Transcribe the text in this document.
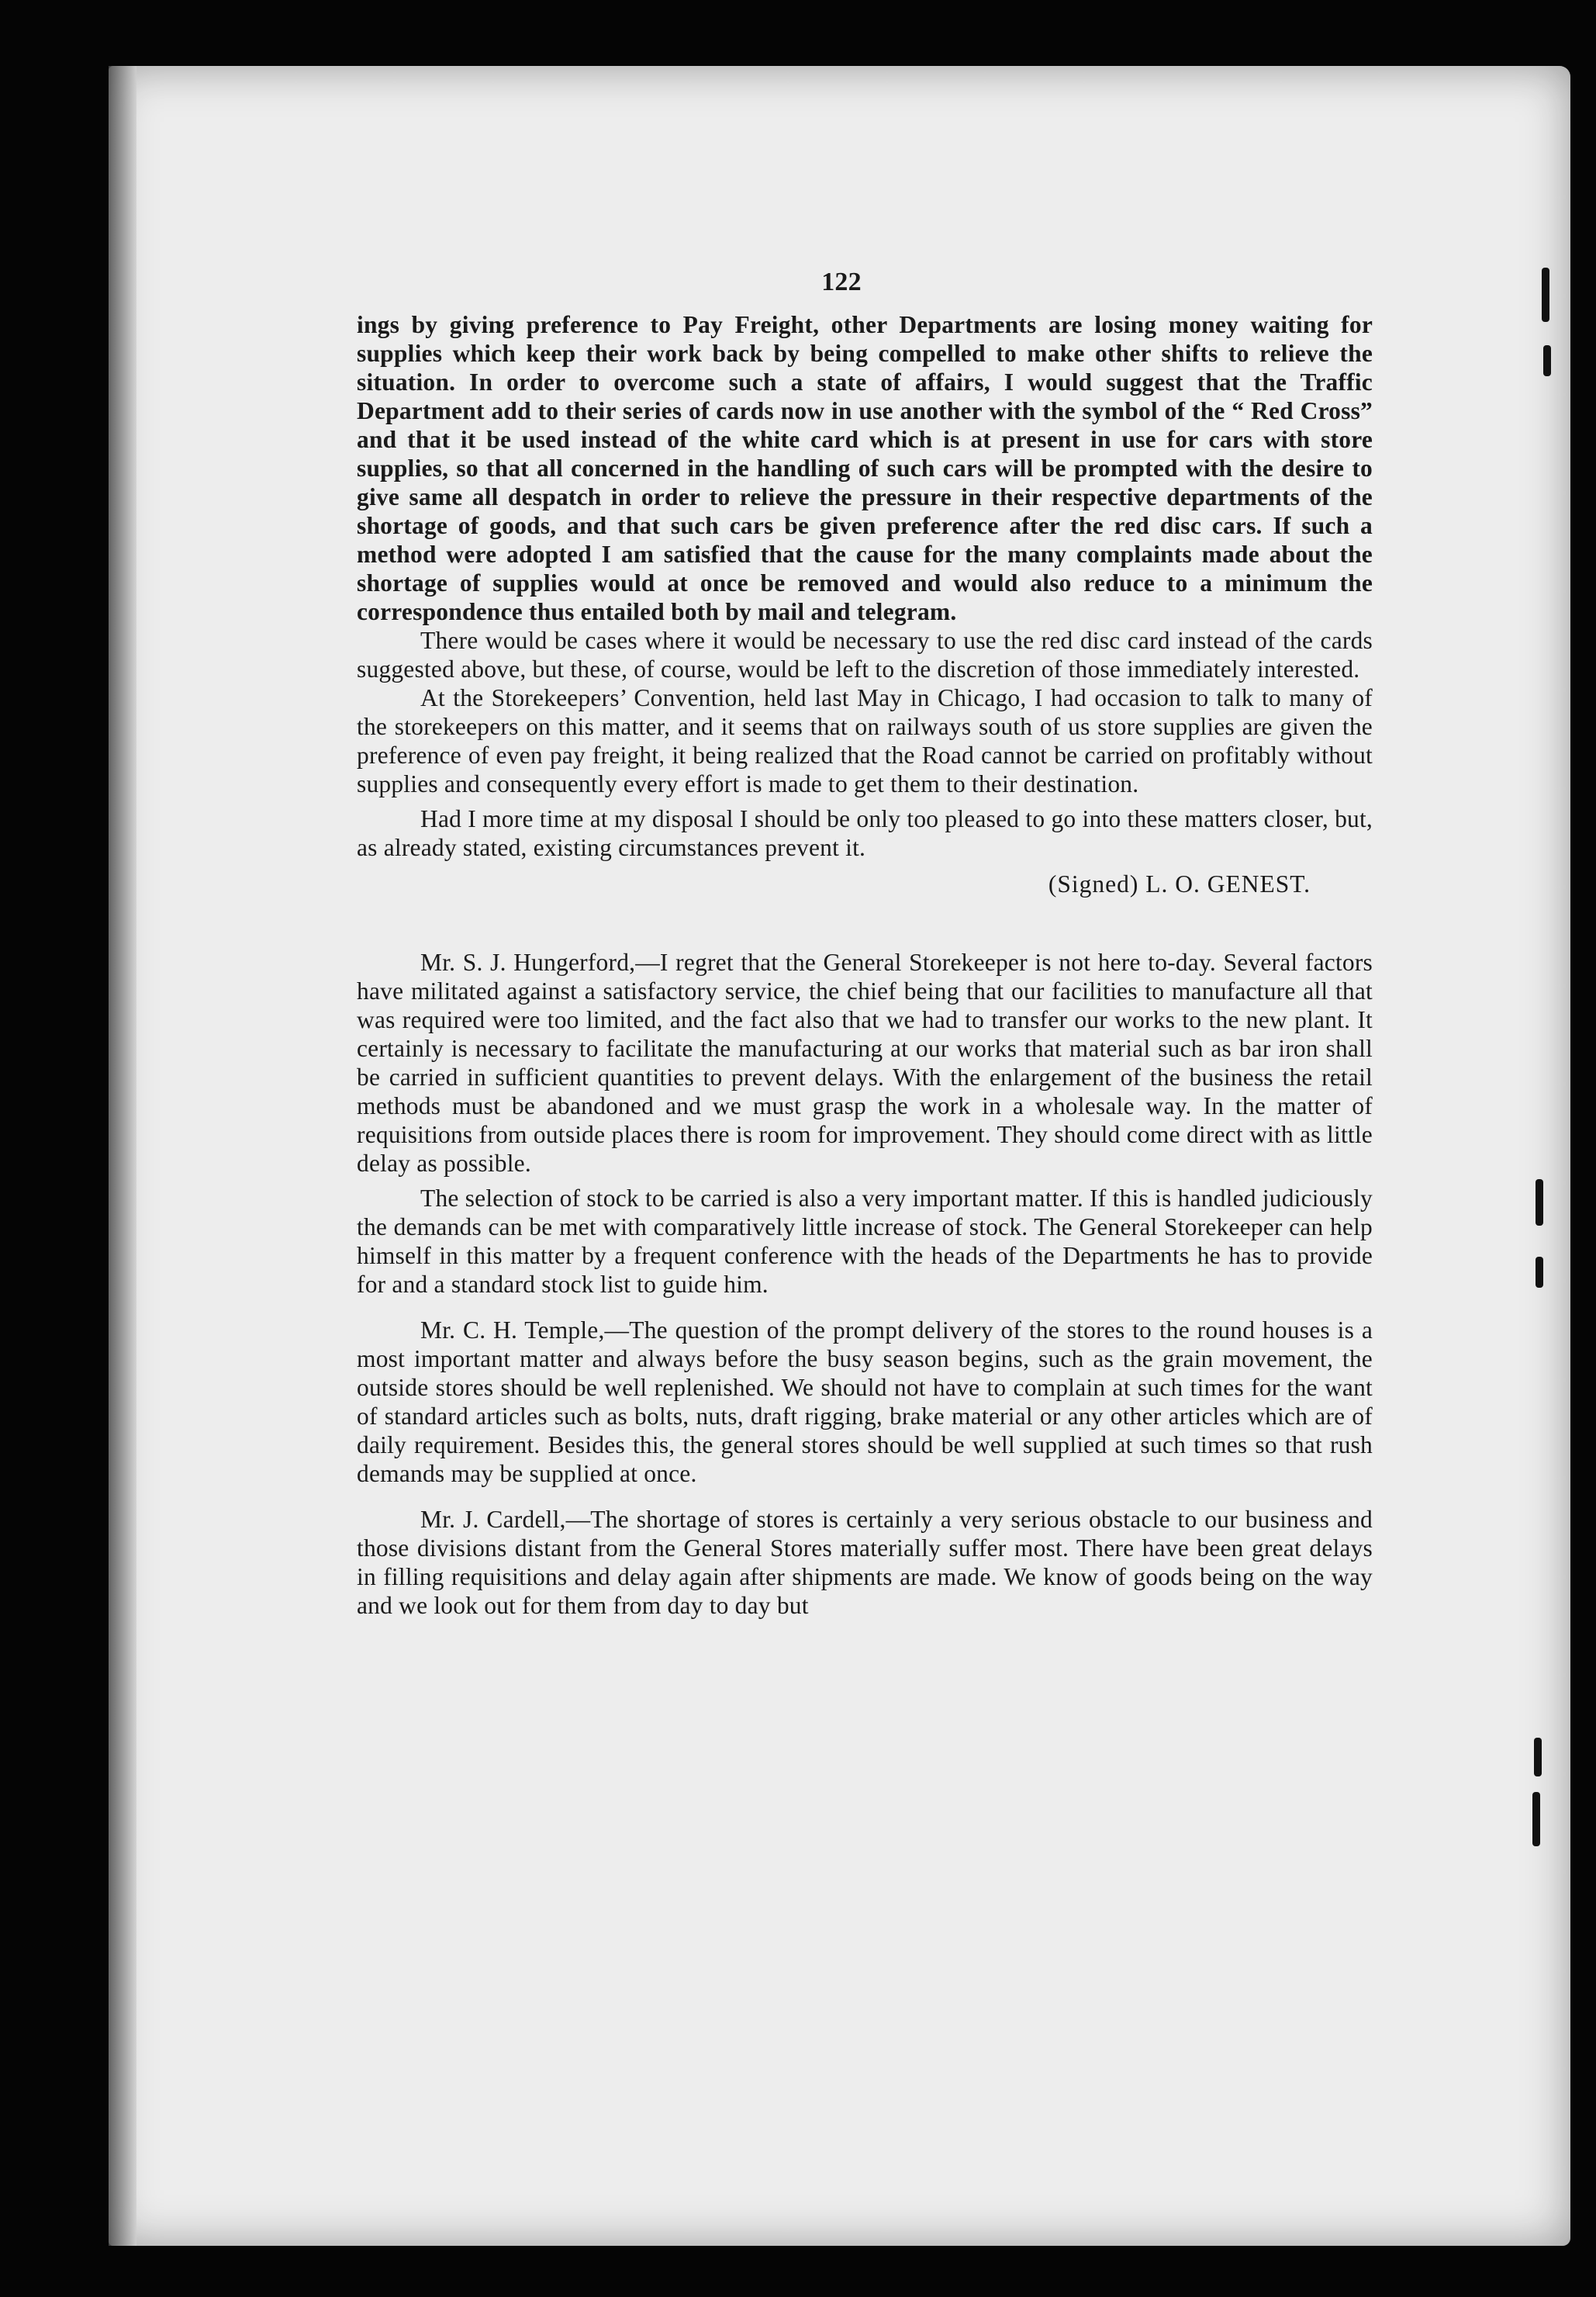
122

ings by giving preference to Pay Freight, other Departments are losing money waiting for supplies which keep their work back by being compelled to make other shifts to relieve the situation. In order to overcome such a state of affairs, I would suggest that the Traffic Department add to their series of cards now in use another with the symbol of the “ Red Cross” and that it be used instead of the white card which is at present in use for cars with store supplies, so that all concerned in the handling of such cars will be prompted with the desire to give same all despatch in order to relieve the pressure in their respective departments of the shortage of goods, and that such cars be given preference after the red disc cars. If such a method were adopted I am satisfied that the cause for the many complaints made about the shortage of supplies would at once be removed and would also reduce to a minimum the correspondence thus entailed both by mail and telegram.

There would be cases where it would be necessary to use the red disc card instead of the cards suggested above, but these, of course, would be left to the discretion of those immediately interested.

At the Storekeepers’ Convention, held last May in Chicago, I had occasion to talk to many of the storekeepers on this matter, and it seems that on railways south of us store supplies are given the preference of even pay freight, it being realized that the Road cannot be carried on profitably without supplies and consequently every effort is made to get them to their destination.

Had I more time at my disposal I should be only too pleased to go into these matters closer, but, as already stated, existing circumstances prevent it.

(Signed) L. O. GENEST.

Mr. S. J. Hungerford,—I regret that the General Storekeeper is not here to-day. Several factors have militated against a satisfactory service, the chief being that our facilities to manufacture all that was required were too limited, and the fact also that we had to transfer our works to the new plant. It certainly is necessary to facilitate the manufacturing at our works that material such as bar iron shall be carried in sufficient quantities to prevent delays. With the enlargement of the business the retail methods must be abandoned and we must grasp the work in a wholesale way. In the matter of requisitions from outside places there is room for improvement. They should come direct with as little delay as possible.

The selection of stock to be carried is also a very important matter. If this is handled judiciously the demands can be met with comparatively little increase of stock. The General Storekeeper can help himself in this matter by a frequent conference with the heads of the Departments he has to provide for and a standard stock list to guide him.

Mr. C. H. Temple,—The question of the prompt delivery of the stores to the round houses is a most important matter and always before the busy season begins, such as the grain movement, the outside stores should be well replenished. We should not have to complain at such times for the want of standard articles such as bolts, nuts, draft rigging, brake material or any other articles which are of daily requirement. Besides this, the general stores should be well supplied at such times so that rush demands may be supplied at once.

Mr. J. Cardell,—The shortage of stores is certainly a very serious obstacle to our business and those divisions distant from the General Stores materially suffer most. There have been great delays in filling requisitions and delay again after shipments are made. We know of goods being on the way and we look out for them from day to day but
